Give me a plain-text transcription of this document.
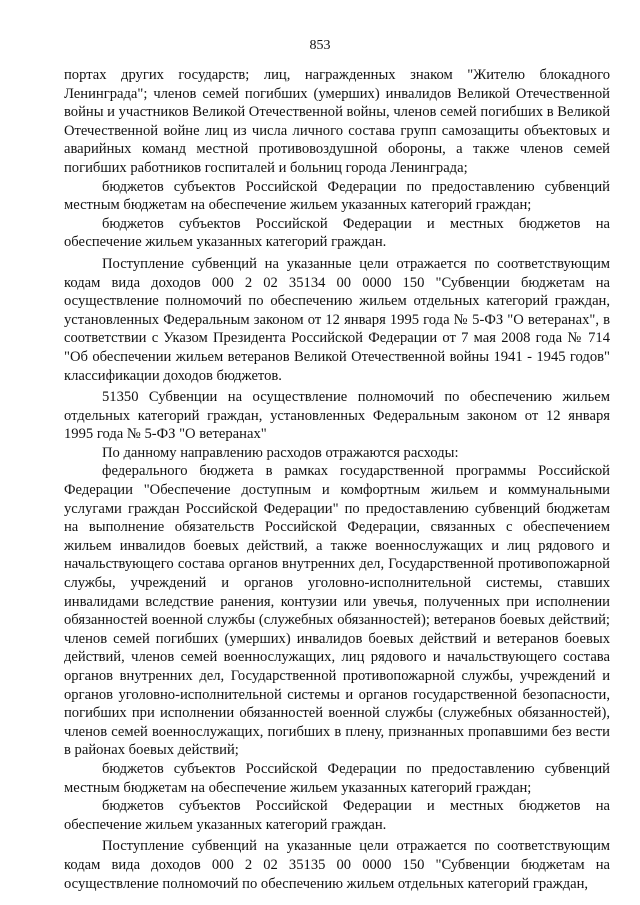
853

портах других государств; лиц, награжденных знаком "Жителю блокадного Ленинграда"; членов семей погибших (умерших) инвалидов Великой Отечественной войны и участников Великой Отечественной войны, членов семей погибших в Великой Отечественной войне лиц из числа личного состава групп самозащиты объектовых и аварийных команд местной противовоздушной обороны, а также членов семей погибших работников госпиталей и больниц города Ленинграда;

бюджетов субъектов Российской Федерации по предоставлению субвенций местным бюджетам на обеспечение жильем указанных категорий граждан;

бюджетов субъектов Российской Федерации и местных бюджетов на обеспечение жильем указанных категорий граждан.

Поступление субвенций на указанные цели отражается по соответствующим кодам вида доходов 000 2 02 35134 00 0000 150 "Субвенции бюджетам на осуществление полномочий по обеспечению жильем отдельных категорий граждан, установленных Федеральным законом от 12 января 1995 года № 5-ФЗ "О ветеранах", в соответствии с Указом Президента Российской Федерации от 7 мая 2008 года № 714 "Об обеспечении жильем ветеранов Великой Отечественной войны 1941 - 1945 годов" классификации доходов бюджетов.

51350 Субвенции на осуществление полномочий по обеспечению жильем отдельных категорий граждан, установленных Федеральным законом от 12 января 1995 года № 5-ФЗ "О ветеранах"

По данному направлению расходов отражаются расходы:

федерального бюджета в рамках государственной программы Российской Федерации "Обеспечение доступным и комфортным жильем и коммунальными услугами граждан Российской Федерации" по предоставлению субвенций бюджетам на выполнение обязательств Российской Федерации, связанных с обеспечением жильем инвалидов боевых действий, а также военнослужащих и лиц рядового и начальствующего состава органов внутренних дел, Государственной противопожарной службы, учреждений и органов уголовно-исполнительной системы, ставших инвалидами вследствие ранения, контузии или увечья, полученных при исполнении обязанностей военной службы (служебных обязанностей); ветеранов боевых действий; членов семей погибших (умерших) инвалидов боевых действий и ветеранов боевых действий, членов семей военнослужащих, лиц рядового и начальствующего состава органов внутренних дел, Государственной противопожарной службы, учреждений и органов уголовно-исполнительной системы и органов государственной безопасности, погибших при исполнении обязанностей военной службы (служебных обязанностей), членов семей военнослужащих, погибших в плену, признанных пропавшими без вести в районах боевых действий;

бюджетов субъектов Российской Федерации по предоставлению субвенций местным бюджетам на обеспечение жильем указанных категорий граждан;

бюджетов субъектов Российской Федерации и местных бюджетов на обеспечение жильем указанных категорий граждан.

Поступление субвенций на указанные цели отражается по соответствующим кодам вида доходов 000 2 02 35135 00 0000 150 "Субвенции бюджетам на осуществление полномочий по обеспечению жильем отдельных категорий граждан,
